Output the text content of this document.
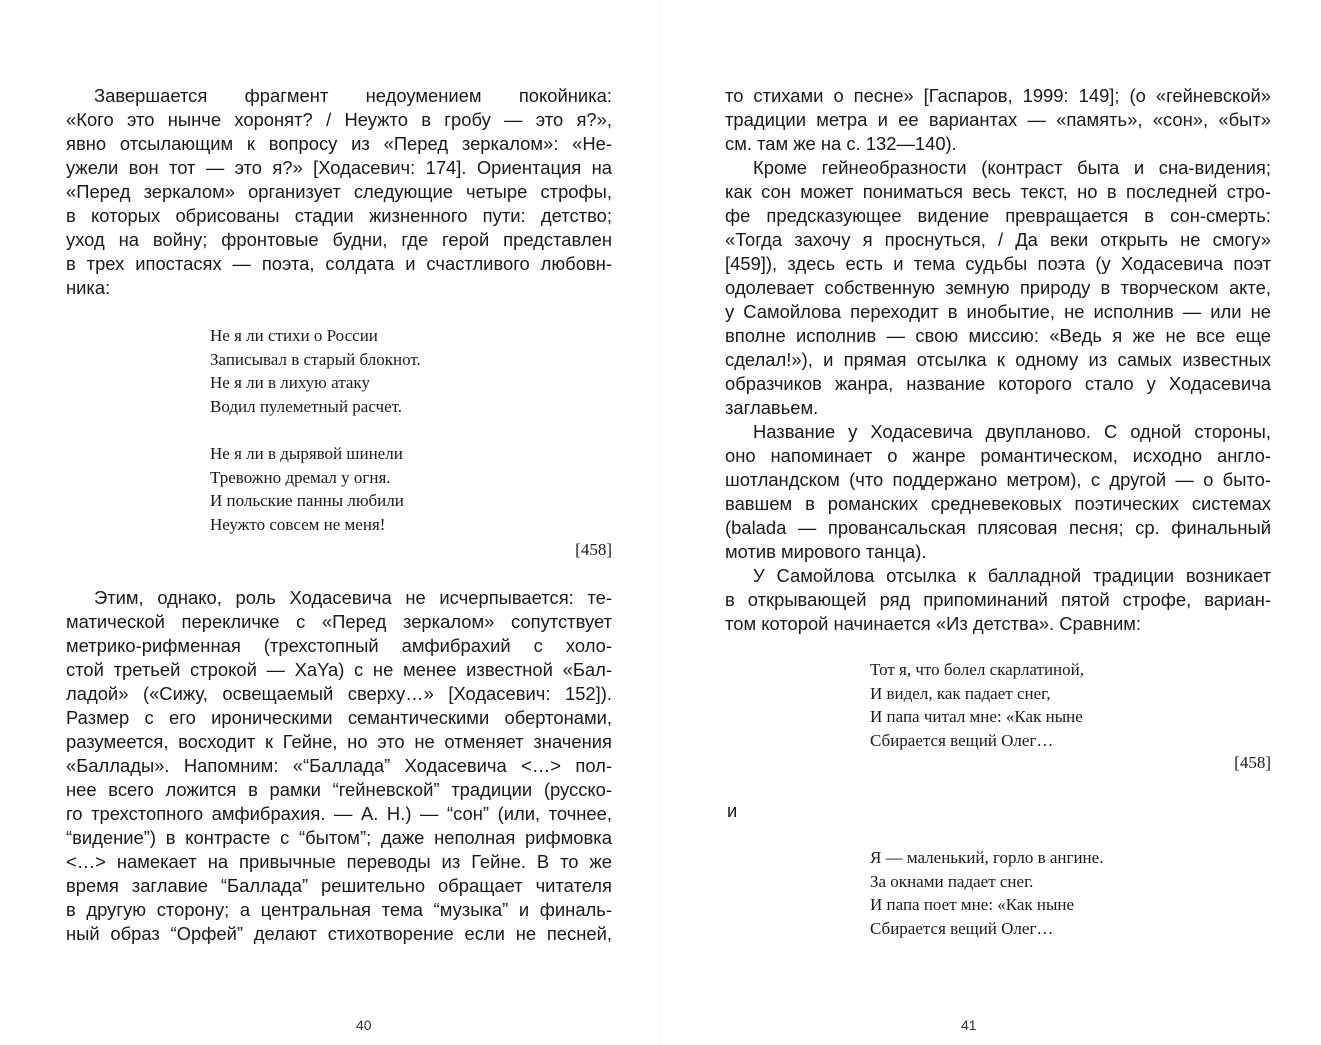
Завершается фрагмент недоумением покойника:
«Кого это нынче хоронят? / Неужто в гробу — это я?»,
явно отсылающим к вопросу из «Перед зеркалом»: «Не-
ужели вон тот — это я?» [Ходасевич: 174]. Ориентация на
«Перед зеркалом» организует следующие четыре строфы,
в которых обрисованы стадии жизненного пути: детство;
уход на войну; фронтовые будни, где герой представлен
в трех ипостасях — поэта, солдата и счастливого любовн-
ника:
Не я ли стихи о России
Записывал в старый блокнот.
Не я ли в лихую атаку
Водил пулеметный расчет.
Не я ли в дырявой шинели
Тревожно дремал у огня.
И польские панны любили
Неужто совсем не меня!
[458]
Этим, однако, роль Ходасевича не исчерпывается: те-
матической перекличке с «Перед зеркалом» сопутствует
метрико-рифменная (трехстопный амфибрахий с холо-
стой третьей строкой — XaYa) с не менее известной «Бал-
ладой» («Сижу, освещаемый сверху…» [Ходасевич: 152]).
Размер с его ироническими семантическими обертонами,
разумеется, восходит к Гейне, но это не отменяет значения
«Баллады». Напомним: «“Баллада” Ходасевича <…> пол-
нее всего ложится в рамки “гейневской” традиции (русско-
го трехстопного амфибрахия. — А. Н.) — “сон” (или, точнее,
“видение”) в контрасте с “бытом”; даже неполная рифмовка
<…> намекает на привычные переводы из Гейне. В то же
время заглавие “Баллада” решительно обращает читателя
в другую сторону; а центральная тема “музыка” и финаль-
ный образ “Орфей” делают стихотворение если не песней,
40
то стихами о песне» [Гаспаров, 1999: 149]; (о «гейневской»
традиции метра и ее вариантах — «память», «сон», «быт»
см. там же на с. 132—140).
Кроме гейнеобразности (контраст быта и сна-видения;
как сон может пониматься весь текст, но в последней стро-
фе предсказующее видение превращается в сон-смерть:
«Тогда захочу я проснуться, / Да веки открыть не смогу»
[459]), здесь есть и тема судьбы поэта (у Ходасевича поэт
одолевает собственную земную природу в творческом акте,
у Самойлова переходит в инобытие, не исполнив — или не
вполне исполнив — свою миссию: «Ведь я же не все еще
сделал!»), и прямая отсылка к одному из самых известных
образчиков жанра, название которого стало у Ходасевича
заглавьем.
Название у Ходасевича двупланово. С одной стороны,
оно напоминает о жанре романтическом, исходно англо-
шотландском (что поддержано метром), с другой — о быто-
вавшем в романских средневековых поэтических системах
(balada — провансальская плясовая песня; ср. финальный
мотив мирового танца).
У Самойлова отсылка к балладной традиции возникает
в открывающей ряд припоминаний пятой строфе, вариан-
том которой начинается «Из детства». Сравним:
Тот я, что болел скарлатиной,
И видел, как падает снег,
И папа читал мне: «Как ныне
Сбирается вещий Олег…
[458]
и
Я — маленький, горло в ангине.
За окнами падает снег.
И папа поет мне: «Как ныне
Сбирается вещий Олег…
41
